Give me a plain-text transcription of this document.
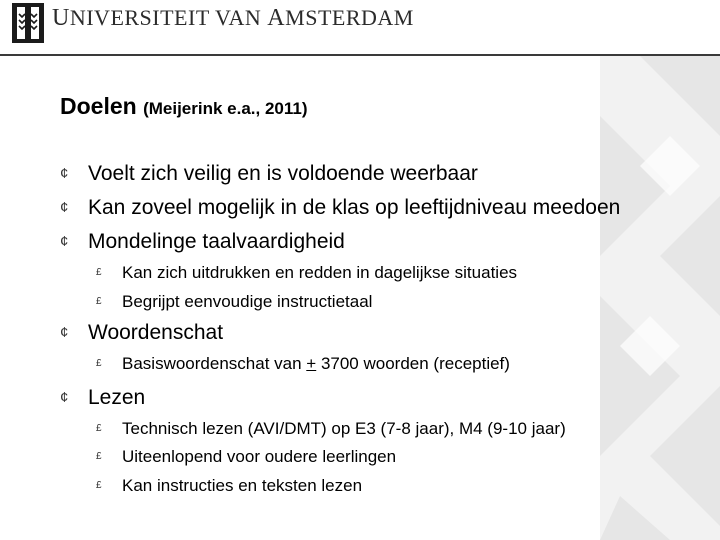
UNIVERSITEIT VAN AMSTERDAM
Doelen (Meijerink e.a., 2011)
¢ Voelt zich veilig en is voldoende weerbaar
¢ Kan zoveel mogelijk in de klas op leeftijdniveau meedoen
¢ Mondelinge taalvaardigheid
£ Kan zich uitdrukken en redden in dagelijkse situaties
£ Begrijpt eenvoudige instructietaal
¢ Woordenschat
£ Basiswoordenschat van + 3700 woorden (receptief)
¢ Lezen
£ Technisch lezen (AVI/DMT) op E3 (7-8 jaar), M4 (9-10 jaar)
£ Uiteenlopend voor oudere leerlingen
£ Kan instructies en teksten lezen
